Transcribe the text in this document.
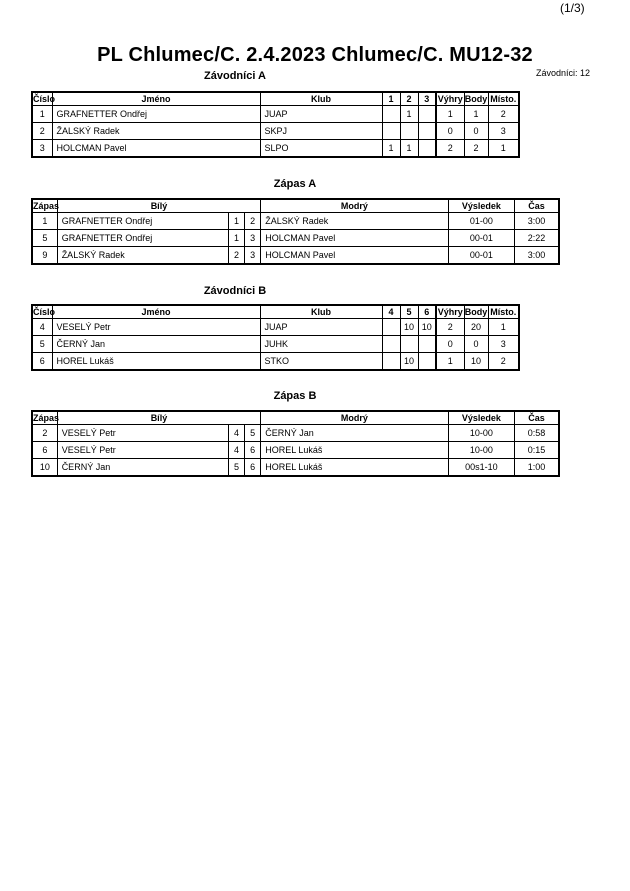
(1/3)
PL Chlumec/C. 2.4.2023 Chlumec/C. MU12-32
Závodníci: 12
Závodníci A
Číslo	Jméno	Klub	1	2	3	Výhry	Body	Místo.
1	GRAFNETTER Ondřej	JUAP		1		1	1	2
2	ŽALSKÝ Radek	SKPJ				0	0	3
3	HOLCMAN Pavel	SLPO	1	1		2	2	1
Zápas A
Zápas	Bílý			Modrý	Výsledek	Čas
1	GRAFNETTER Ondřej	1	2	ŽALSKÝ Radek	01-00	3:00
5	GRAFNETTER Ondřej	1	3	HOLCMAN Pavel	00-01	2:22
9	ŽALSKÝ Radek	2	3	HOLCMAN Pavel	00-01	3:00
Závodníci B
Číslo	Jméno	Klub	4	5	6	Výhry	Body	Místo.
4	VESELÝ Petr	JUAP		10	10	2	20	1
5	ČERNÝ Jan	JUHK				0	0	3
6	HOREL Lukáš	STKO		10		1	10	2
Zápas B
Zápas	Bílý			Modrý	Výsledek	Čas
2	VESELÝ Petr	4	5	ČERNÝ Jan	10-00	0:58
6	VESELÝ Petr	4	6	HOREL Lukáš	10-00	0:15
10	ČERNÝ Jan	5	6	HOREL Lukáš	00s1-10	1:00
